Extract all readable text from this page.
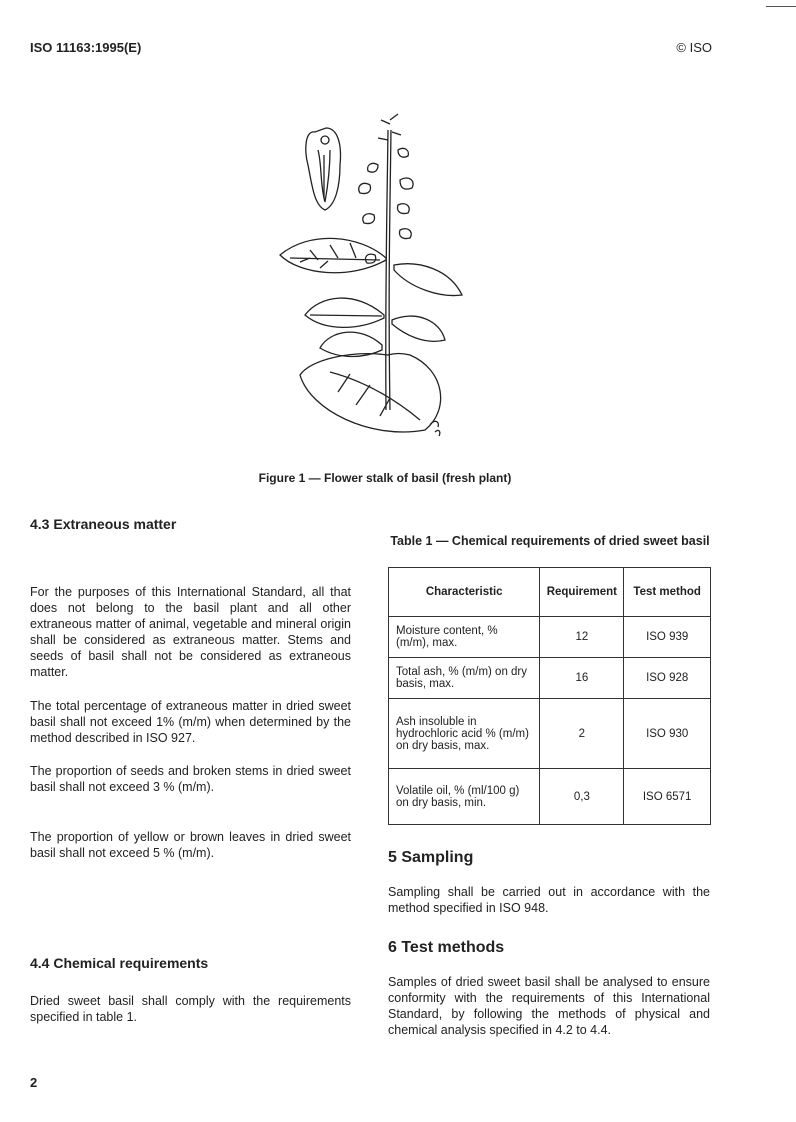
ISO 11163:1995(E)	© ISO
Figure 1 — Flower stalk of basil (fresh plant)
4.3 Extraneous matter

For the purposes of this International Standard, all that does not belong to the basil plant and all other extraneous matter of animal, vegetable and mineral origin shall be considered as extraneous matter. Stems and seeds of basil shall not be considered as extraneous matter.

The total percentage of extraneous matter in dried sweet basil shall not exceed 1% (m/m) when determined by the method described in ISO 927.

The proportion of seeds and broken stems in dried sweet basil shall not exceed 3 % (m/m).

The proportion of yellow or brown leaves in dried sweet basil shall not exceed 5 % (m/m).

4.4 Chemical requirements

Dried sweet basil shall comply with the requirements specified in table 1.

Table 1 — Chemical requirements of dried sweet basil
Characteristic	Requirement	Test method
Moisture content, % (m/m), max.	12	ISO 939
Total ash, % (m/m) on dry basis, max.	16	ISO 928
Ash insoluble in hydrochloric acid % (m/m) on dry basis, max.	2	ISO 930
Volatile oil, % (ml/100 g) on dry basis, min.	0,3	ISO 6571
5 Sampling

Sampling shall be carried out in accordance with the method specified in ISO 948.

6 Test methods

Samples of dried sweet basil shall be analysed to ensure conformity with the requirements of this International Standard, by following the methods of physical and chemical analysis specified in 4.2 to 4.4.

2
